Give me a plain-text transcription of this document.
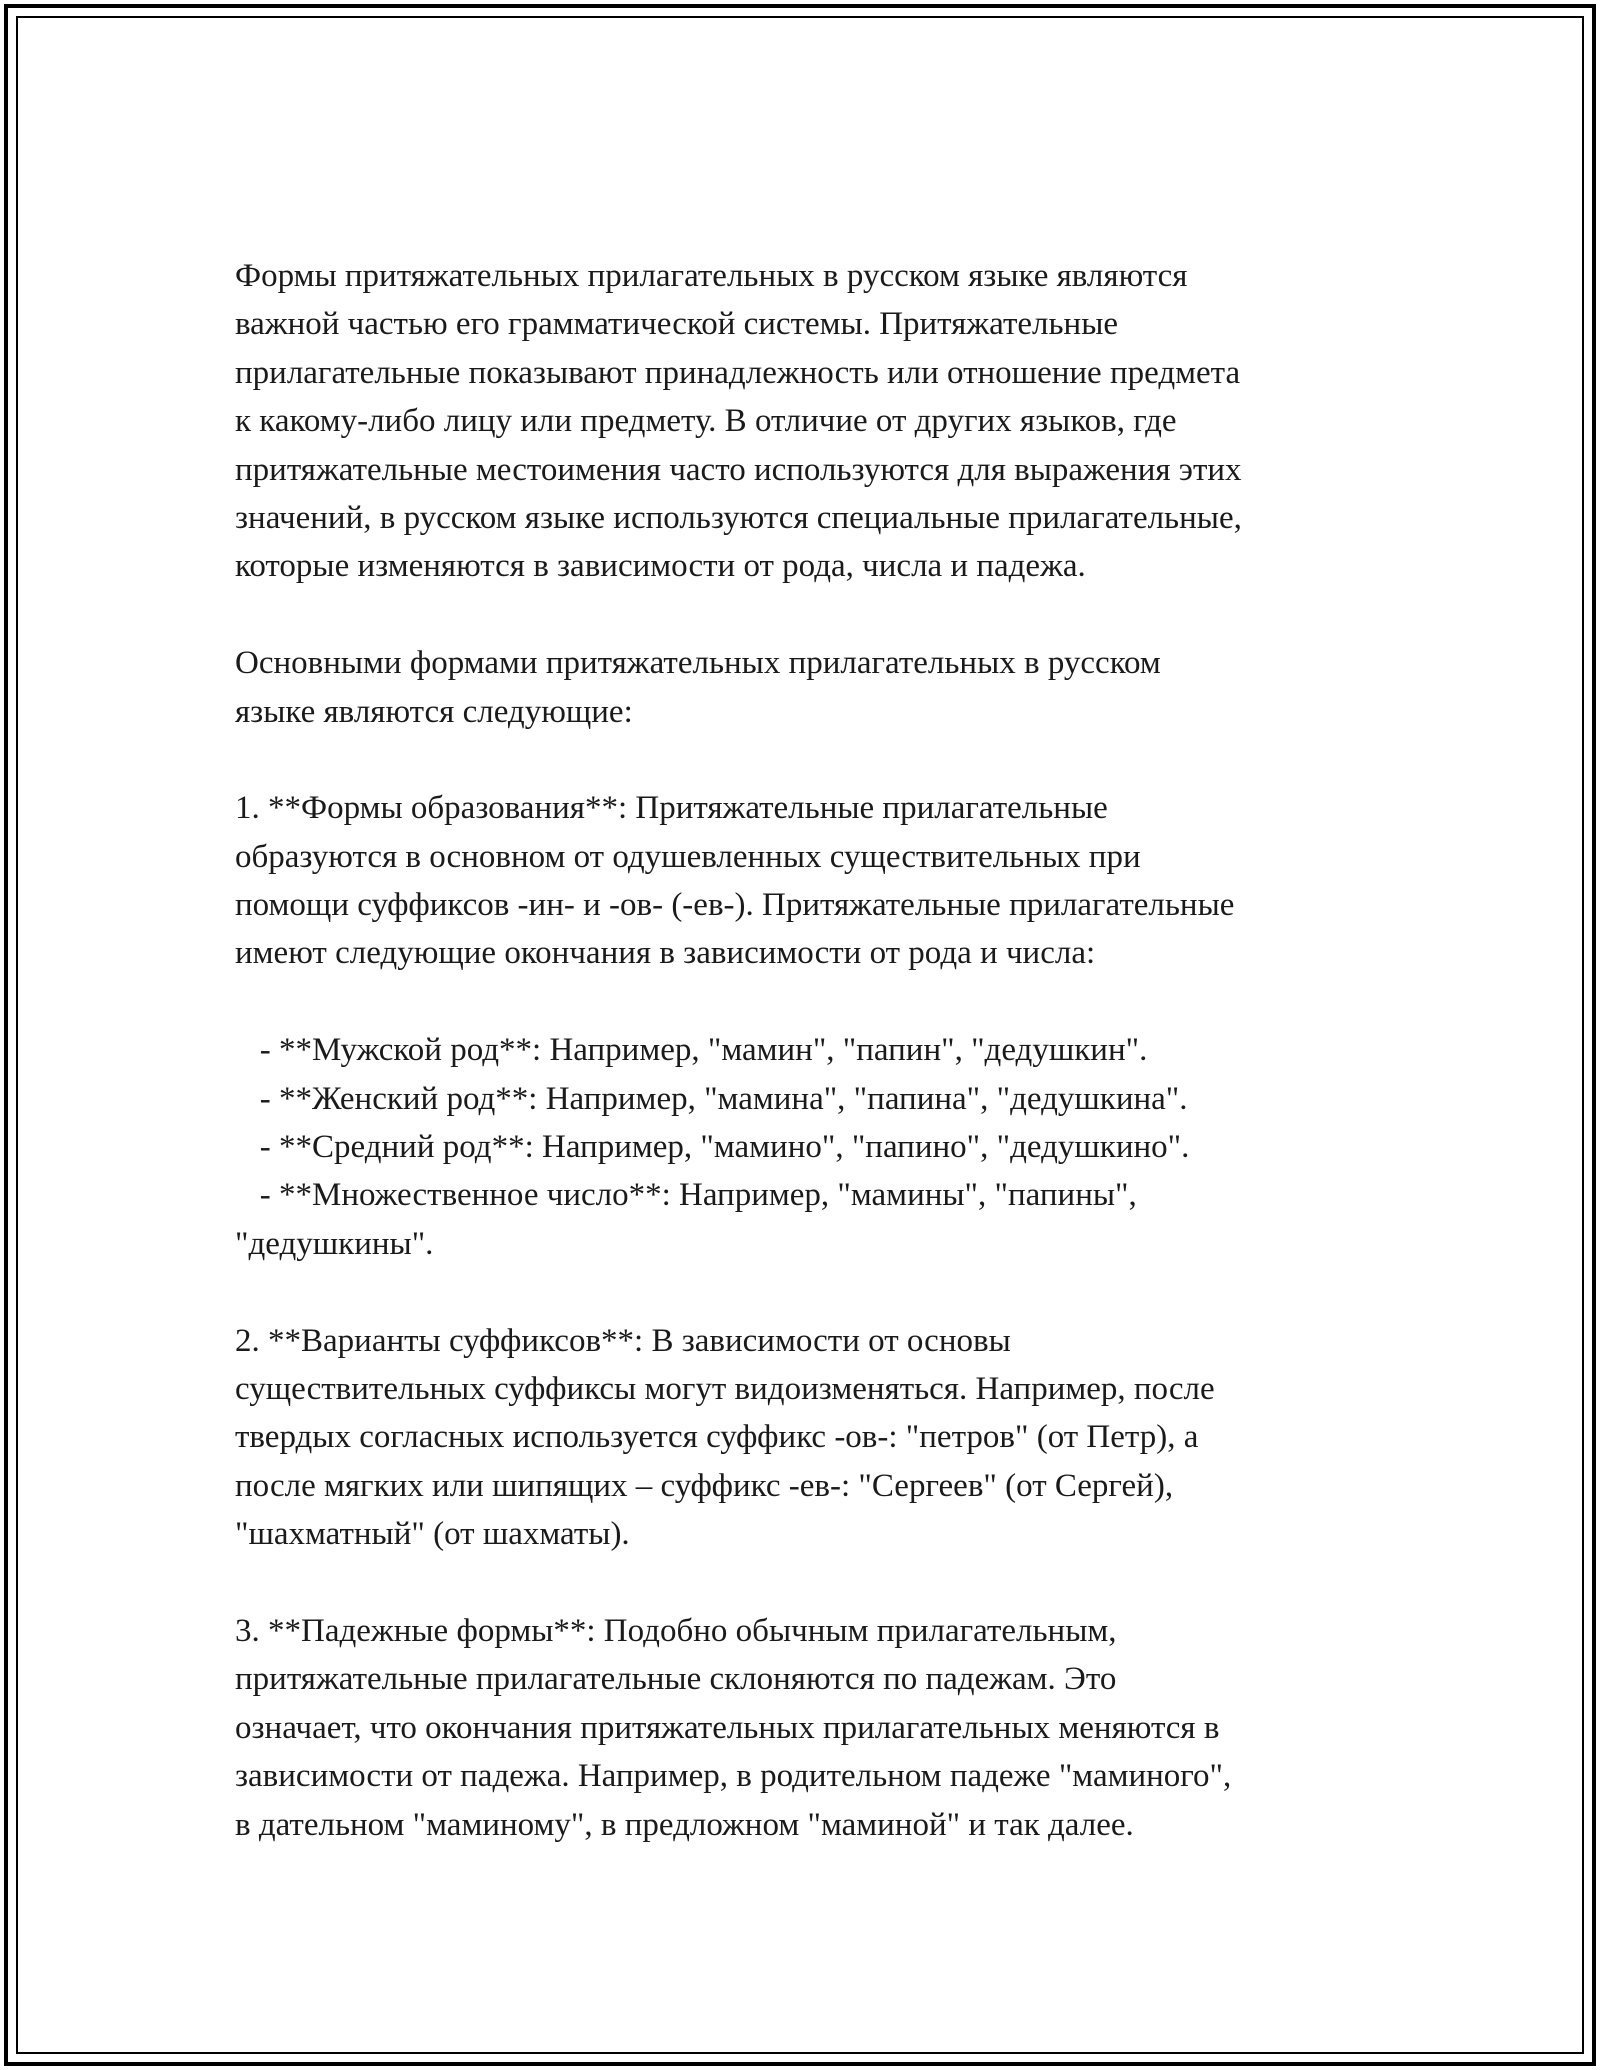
Формы притяжательных прилагательных в русском языке являются
важной частью его грамматической системы. Притяжательные
прилагательные показывают принадлежность или отношение предмета
к какому-либо лицу или предмету. В отличие от других языков, где
притяжательные местоимения часто используются для выражения этих
значений, в русском языке используются специальные прилагательные,
которые изменяются в зависимости от рода, числа и падежа.
Основными формами притяжательных прилагательных в русском
языке являются следующие:
1. **Формы образования**: Притяжательные прилагательные
образуются в основном от одушевленных существительных при
помощи суффиксов -ин- и -ов- (-ев-). Притяжательные прилагательные
имеют следующие окончания в зависимости от рода и числа:
- **Мужской род**: Например, "мамин", "папин", "дедушкин".
- **Женский род**: Например, "мамина", "папина", "дедушкина".
- **Средний род**: Например, "мамино", "папино", "дедушкино".
- **Множественное число**: Например, "мамины", "папины",
"дедушкины".
2. **Варианты суффиксов**: В зависимости от основы
существительных суффиксы могут видоизменяться. Например, после
твердых согласных используется суффикс -ов-: "петров" (от Петр), а
после мягких или шипящих – суффикс -ев-: "Сергеев" (от Сергей),
"шахматный" (от шахматы).
3. **Падежные формы**: Подобно обычным прилагательным,
притяжательные прилагательные склоняются по падежам. Это
означает, что окончания притяжательных прилагательных меняются в
зависимости от падежа. Например, в родительном падеже "маминого",
в дательном "маминому", в предложном "маминой" и так далее.
